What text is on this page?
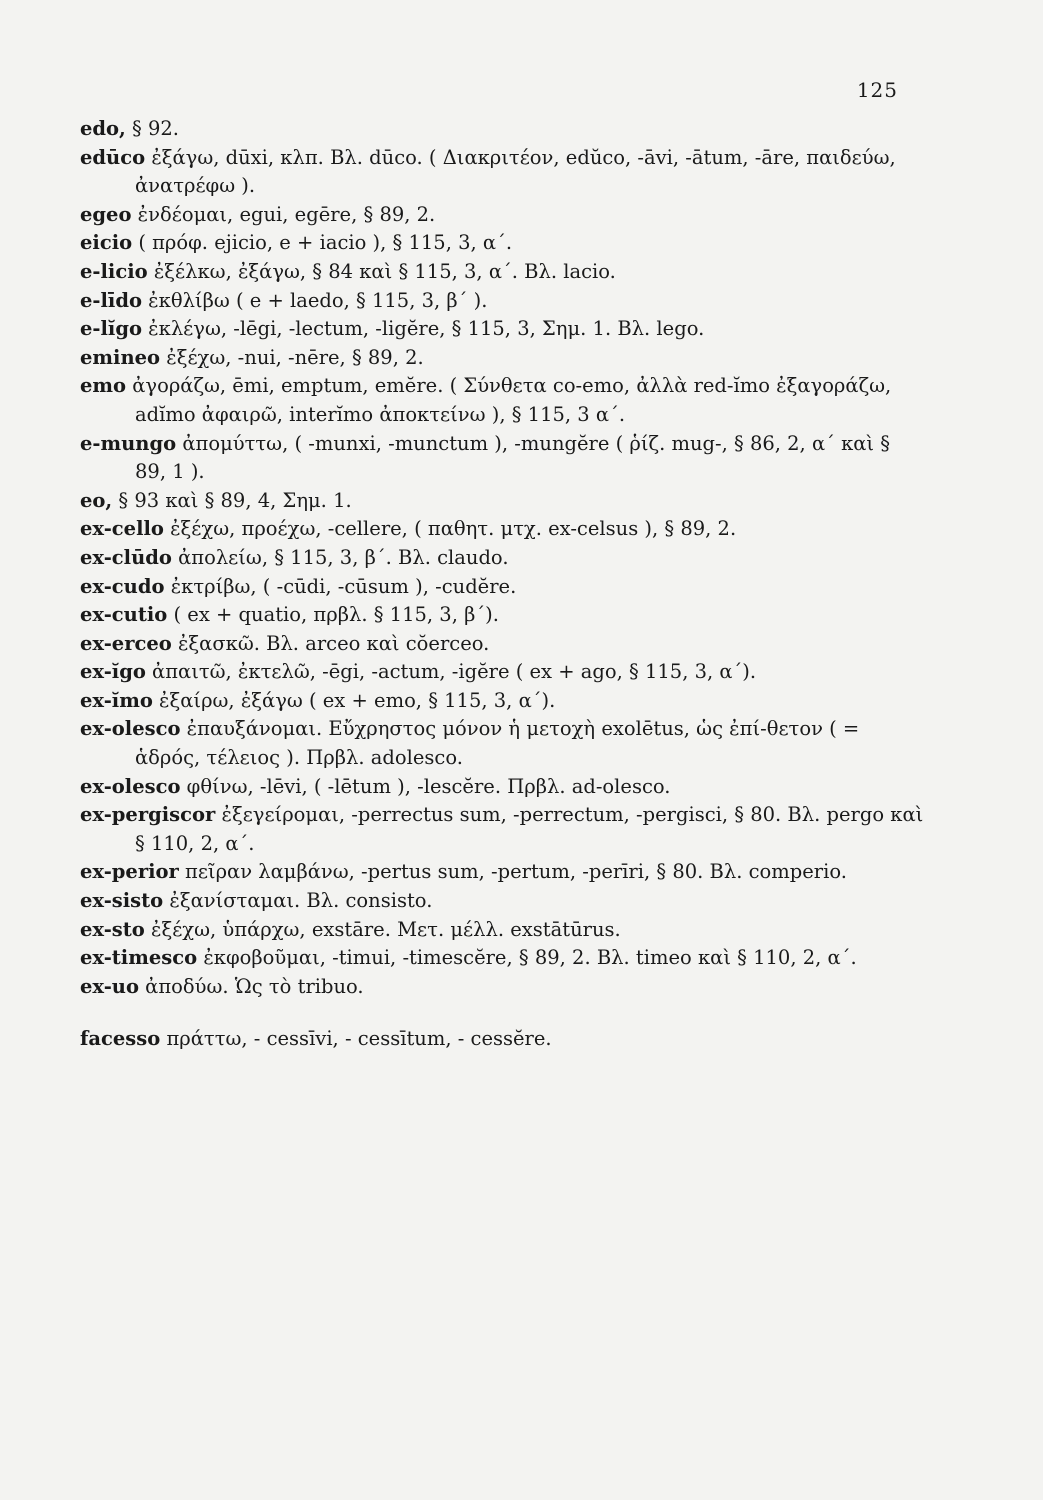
125

edo, § 92.

edūco ἐξάγω, dūxi, κλπ. Βλ. dūco. ( Διακριτέον, edŭco, -āvi, -ātum, -āre, παιδεύω, ἀνατρέφω ).

egeo ἐνδέομαι, egui, egēre, § 89, 2.

eicio ( πρόφ. ejicio, e + iacio ), § 115, 3, α΄.

e-licio ἐξέλκω, ἐξάγω, § 84 καὶ § 115, 3, α΄. Βλ. lacio.

e-līdo ἐκθλίβω ( e + laedo, § 115, 3, β΄ ).

e-lĭgo ἐκλέγω, -lēgi, -lectum, -ligĕre, § 115, 3, Σημ. 1. Βλ. lego.

emineo ἐξέχω, -nui, -nēre, § 89, 2.

emo ἀγοράζω, ēmi, emptum, emĕre. ( Σύνθετα co-emo, ἀλλὰ red-ĭmo ἐξαγοράζω, adĭmo ἀφαιρῶ, interĭmo ἀποκτείνω ), § 115, 3 α΄.

e-mungo ἀπομύττω, ( -munxi, -munctum ), -mungĕre ( ῥίζ. mug-, § 86, 2, α΄ καὶ § 89, 1 ).

eo, § 93 καὶ § 89, 4, Σημ. 1.

ex-cello ἐξέχω, προέχω, -cellere, ( παθητ. μτχ. ex-celsus ), § 89, 2.

ex-clūdo ἀπολείω, § 115, 3, β΄. Βλ. claudo.

ex-cudo ἐκτρίβω, ( -cūdi, -cūsum ), -cudĕre.

ex-cutio ( ex + quatio, πρβλ. § 115, 3, β΄).

ex-erceo ἐξασκῶ. Βλ. arceo καὶ cŏerceo.

ex-ĭgo ἀπαιτῶ, ἐκτελῶ, -ēgi, -actum, -igĕre ( ex + ago, § 115, 3, α΄).

ex-ĭmo ἐξαίρω, ἐξάγω ( ex + emo, § 115, 3, α΄).

ex-olesco ἐπαυξάνομαι. Εὔχρηστος μόνον ἡ μετοχὴ exolētus, ὡς ἐπί-θετον ( = ἁδρός, τέλειος ). Πρβλ. adolesco.

ex-olesco φθίνω, -lēvi, ( -lētum ), -lescĕre. Πρβλ. ad-olesco.

ex-pergiscor ἐξεγείρομαι, -perrectus sum, -perrectum, -pergisci, § 80. Βλ. pergo καὶ § 110, 2, α΄.

ex-perior πεῖραν λαμβάνω, -pertus sum, -pertum, -perīri, § 80. Βλ. comperio.

ex-sisto ἐξανίσταμαι. Βλ. consisto.

ex-sto ἐξέχω, ὑπάρχω, exstāre. Μετ. μέλλ. exstātūrus.

ex-timesco ἐκφοβοῦμαι, -timui, -timescĕre, § 89, 2. Βλ. timeo καὶ § 110, 2, α΄.

ex-uo ἀποδύω. Ὡς τὸ tribuo.

facesso πράττω, - cessīvi, - cessītum, - cessĕre.
